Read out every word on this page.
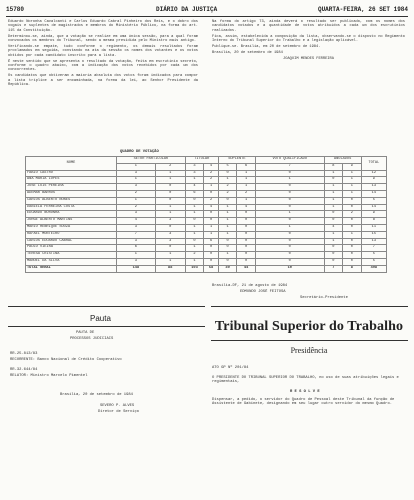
15780	DIÁRIO DA JUSTIÇA	QUARTA-FEIRA, 26 SET 1984

Eduardo Noronha Cavalcanti e Carlos Eduardo Cabral Pinheiro dos Reis, e o dobro dos vogais e suplentes de magistrados e membros do Ministério Público, na forma do art. 115 da Constituição.

Determinou-se, ainda, que a votação se realize em uma única sessão, para a qual foram convocados os membros do Tribunal, sendo a mesma presidida pelo Ministro mais antigo.

Verificando-se empate, tudo conforme o regimento, os demais resultados foram proclamados em seguida, constando na ata da sessão os nomes dos votantes e os votos obtidos por cada candidato inscrito para a lista.

É neste sentido que se apresenta o resultado da votação, feita em escrutínio secreto, conforme o quadro abaixo, com a indicação dos votos recebidos por cada um dos concorrentes.

Os candidatos que obtiveram a maioria absoluta dos votos foram indicados para compor a lista tríplice a ser encaminhada, na forma da lei, ao Senhor Presidente da República.

Na forma do artigo 73, ainda deverá o resultado ser publicado, com os nomes dos candidatos votados e a quantidade de votos atribuídos a cada um dos escrutínios realizados.

Fica, assim, estabelecida a composição da lista, observando-se o disposto no Regimento Interno do Tribunal Superior do Trabalho e a legislação aplicável.

Publique-se. Brasília, em 20 de setembro de 1984.

Brasília, 20 de setembro de 1984

JOAQUIM MENDES FERREIRA

QUADRO DE VOTAÇÃO
NOME	SETOR PARTICULAR		TITULAR		SUPLENTE		VOTO QUALIFICADO	ANULADOS		TOTAL
	1	2	3	4	5	6	7	8	9	
FABIO CASTRO	3	1	3	2	0	1	0	1	1	12
ANA MARIA LOPES	1	1	1	2	1	1	1	0	1	9
JOSE LUIS PEREIRA	3	0	4	1	2	1	0	1	1	13
ADEMAR BARROS	2	0	6	0	2	2	0	1	1	14
CARLOS ALBERTO NUNES	1	0	0	2	0	1	0	1	0	5
DANIELA FERREIRA COSTA	2	1	1	4	1	4	0	1	0	14
EDUARDO NORONHA	3	1	1	0	1	0	1	0	2	9
JORGE ALBERTO MARTINS	4	3	0	0	1	0	0	0	0	8
MARIO HENRIQUE SOUZA	3	0	1	1	1	0	1	4	0	11
RAFAEL MONTEIRO	7	3	1	1	1	0	0	1	1	15
CARLOS EDUARDO CABRAL	3	3	0	6	0	0	0	1	0	13
PAULO VIEIRA	6	0	1	0	0	0	0	0	0	7
TERESA CRISTINA	1	1	2	0	1	0	0	0	0	5
MANUEL DA SILVA	3	1	1	0	0	0	0	0	0	5
TOTAL GERAL	148	88	103	58	30	44	10	7	8	498
Brasília-DF, 21 de agosto de 1984
EDMUNDO JOSÉ FEITOSA
Secretário-Presidente
Pauta
PAUTA DE
PROCESSOS JUDICIAIS
RR-25.813/83
RECORRENTE: Banco Nacional de Crédito Cooperativo
RR-32.644/84
RELATOR: Ministro Marcelo Pimentel
Brasília, 20 de setembro de 1984
SEVERO P. ALVES
Diretor de Serviço
Tribunal Superior do Trabalho
Presidência
ATO GP Nº 201/84
O PRESIDENTE DO TRIBUNAL SUPERIOR DO TRABALHO, no uso de suas atribuições legais e regimentais,
R E S O L V E
Dispensar, a pedido, o servidor do Quadro de Pessoal deste Tribunal da função de Assistente de Gabinete, designando em seu lugar outro servidor do mesmo Quadro.
